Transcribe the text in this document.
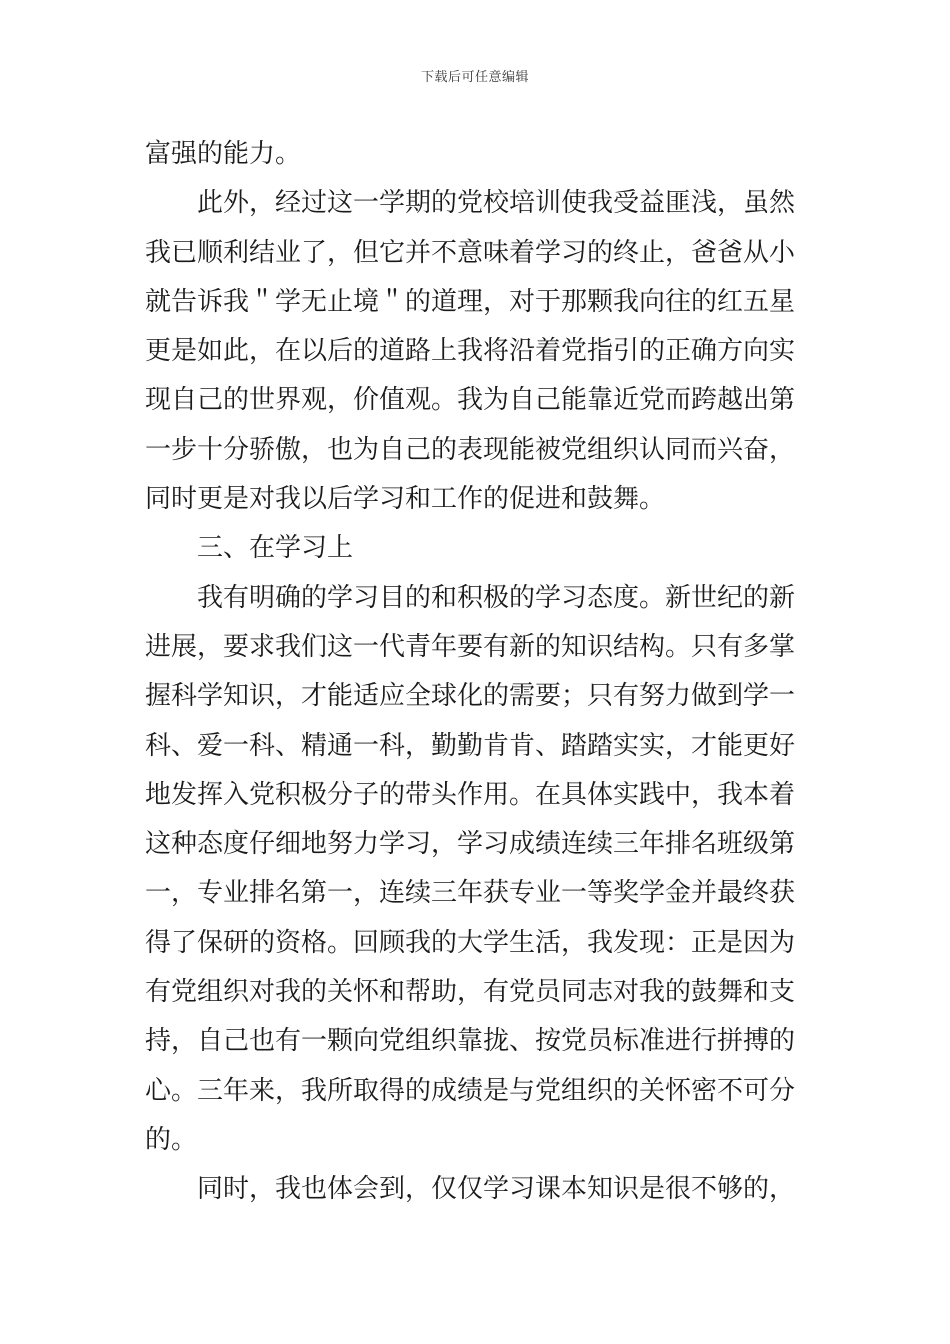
下载后可任意编辑
富强的能力。
此外，经过这一学期的党校培训使我受益匪浅，虽然
我已顺利结业了，但它并不意味着学习的终止，爸爸从小
就告诉我＂学无止境＂的道理，对于那颗我向往的红五星
更是如此，在以后的道路上我将沿着党指引的正确方向实
现自己的世界观，价值观。我为自己能靠近党而跨越出第
一步十分骄傲，也为自己的表现能被党组织认同而兴奋，
同时更是对我以后学习和工作的促进和鼓舞。
三、在学习上
我有明确的学习目的和积极的学习态度。新世纪的新
进展，要求我们这一代青年要有新的知识结构。只有多掌
握科学知识，才能适应全球化的需要；只有努力做到学一
科、爱一科、精通一科，勤勤肯肯、踏踏实实，才能更好
地发挥入党积极分子的带头作用。在具体实践中，我本着
这种态度仔细地努力学习，学习成绩连续三年排名班级第
一，专业排名第一，连续三年获专业一等奖学金并最终获
得了保研的资格。回顾我的大学生活，我发现：正是因为
有党组织对我的关怀和帮助，有党员同志对我的鼓舞和支
持，自己也有一颗向党组织靠拢、按党员标准进行拼搏的
心。三年来，我所取得的成绩是与党组织的关怀密不可分
的。
同时，我也体会到，仅仅学习课本知识是很不够的，
